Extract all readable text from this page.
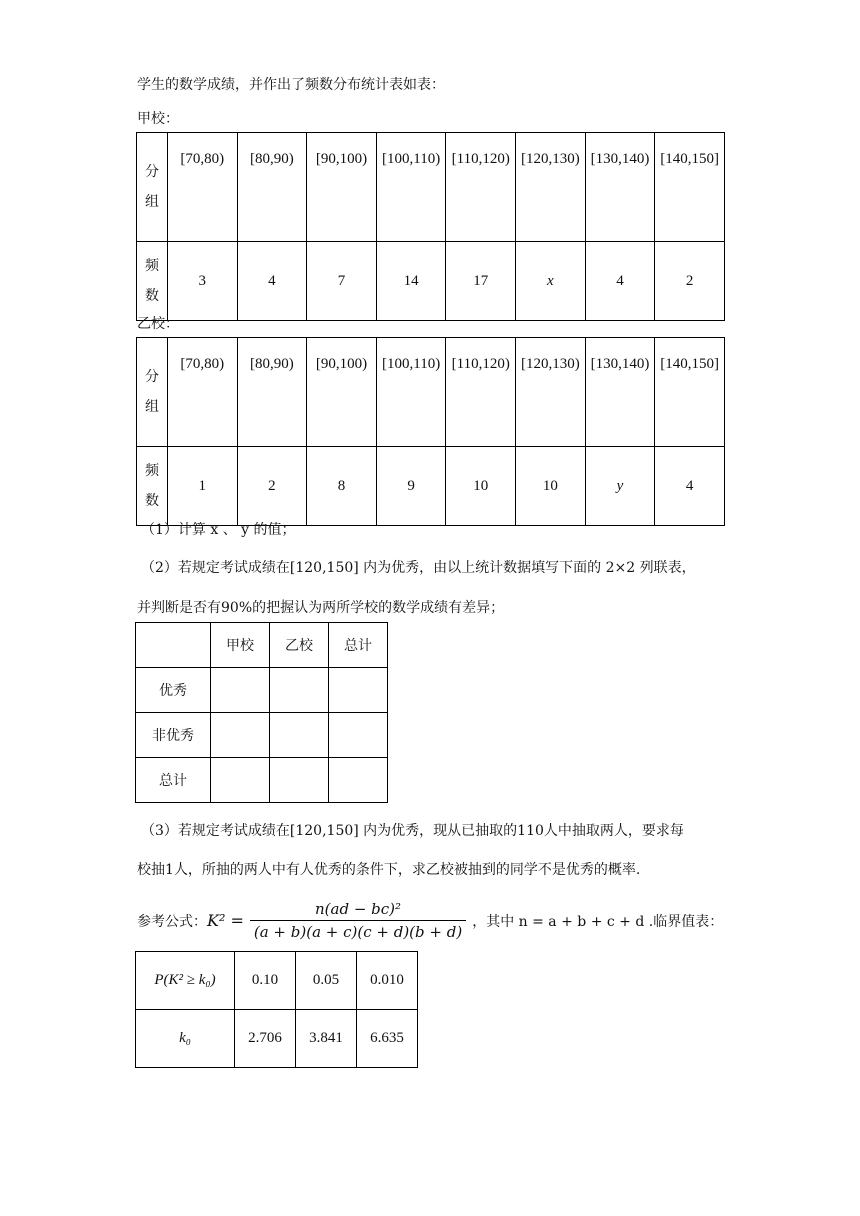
学生的数学成绩，并作出了频数分布统计表如表：
甲校：
分
组	[70,80)	[80,90)	[90,100)	[100,110)	[110,120)	[120,130)	[130,140)	[140,150]
频
数	3	4	7	14	17	x	4	2
乙校：
分
组	[70,80)	[80,90)	[90,100)	[100,110)	[110,120)	[120,130)	[130,140)	[140,150]
频
数	1	2	8	9	10	10	y	4
（1）计算 x 、 y 的值；
（2）若规定考试成绩在[120,150] 内为优秀，由以上统计数据填写下面的 2×2 列联表，
并判断是否有90%的把握认为两所学校的数学成绩有差异；
	甲校	乙校	总计
优秀			
非优秀			
总计			
（3）若规定考试成绩在[120,150] 内为优秀，现从已抽取的110人中抽取两人，要求每
校抽1人，所抽的两人中有人优秀的条件下，求乙校被抽到的同学不是优秀的概率.
参考公式： $K^2 = \frac{\text{n(ad − bc)²}}{(a + b)(a + c)(c + d)(b + d)}$ ，其中 n = a + b + c + d .临界值表：
P(K² ≥ k₀)	0.10	0.05	0.010
k₀	2.706	3.841	6.635
